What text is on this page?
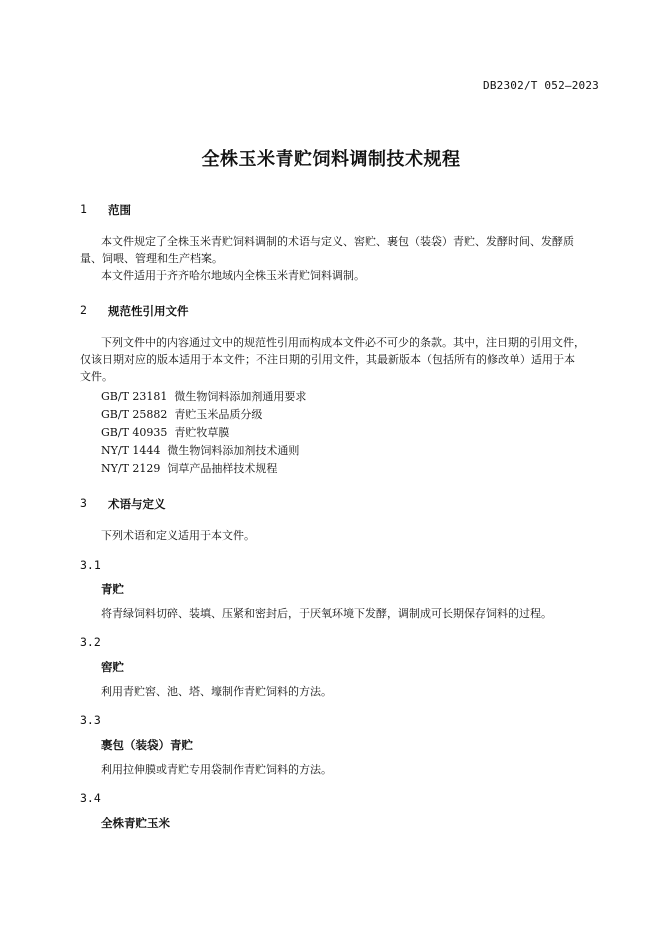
DB2302/T 052—2023
全株玉米青贮饲料调制技术规程
1 范围
本文件规定了全株玉米青贮饲料调制的术语与定义、窖贮、裹包（装袋）青贮、发酵时间、发酵质
量、饲喂、管理和生产档案。
本文件适用于齐齐哈尔地域内全株玉米青贮饲料调制。
2 规范性引用文件
下列文件中的内容通过文中的规范性引用而构成本文件必不可少的条款。其中，注日期的引用文件，
仅该日期对应的版本适用于本文件；不注日期的引用文件，其最新版本（包括所有的修改单）适用于本
文件。
GB/T 23181 微生物饲料添加剂通用要求
GB/T 25882 青贮玉米品质分级
GB/T 40935 青贮牧草膜
NY/T 1444 微生物饲料添加剂技术通则
NY/T 2129 饲草产品抽样技术规程
3 术语与定义
下列术语和定义适用于本文件。
3.1
青贮
将青绿饲料切碎、装填、压紧和密封后，于厌氧环境下发酵，调制成可长期保存饲料的过程。
3.2
窖贮
利用青贮窖、池、塔、壕制作青贮饲料的方法。
3.3
裹包（装袋）青贮
利用拉伸膜或青贮专用袋制作青贮饲料的方法。
3.4
全株青贮玉米
